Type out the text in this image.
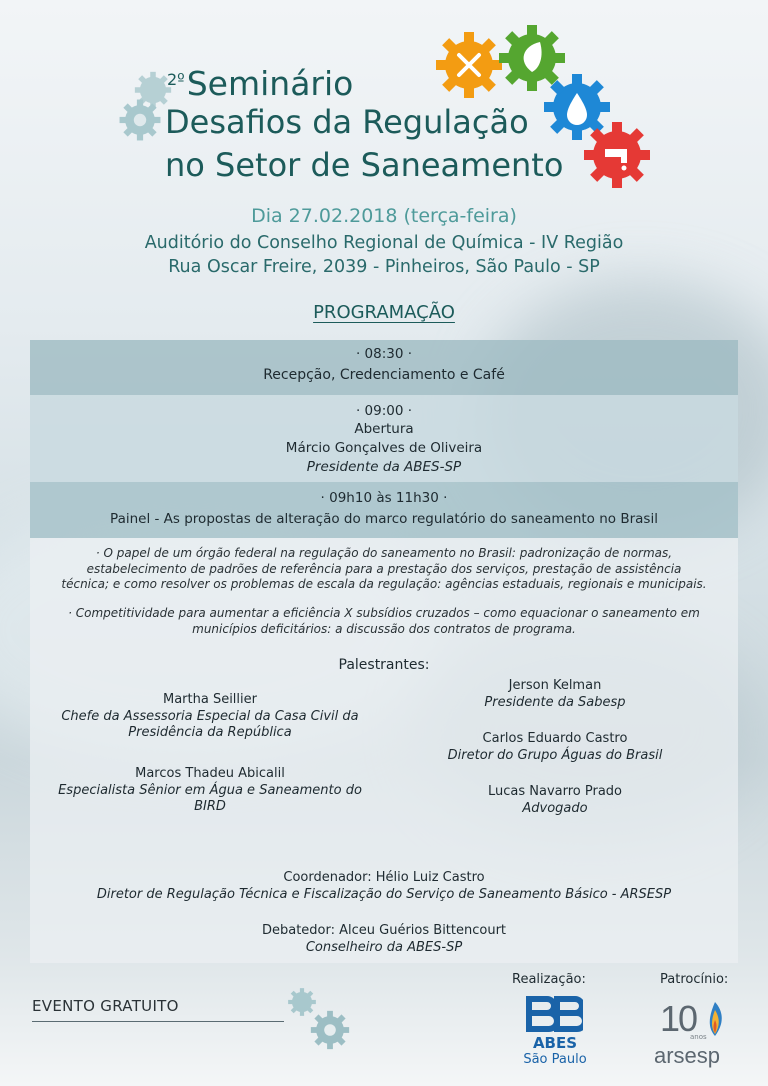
$^{2º}$Seminário
Desafios da Regulação
no Setor de Saneamento
Dia 27.02.2018 (terça-feira)
Auditório do Conselho Regional de Química - IV Região
Rua Oscar Freire, 2039 - Pinheiros, São Paulo - SP
PROGRAMAÇÃO
· 08:30 ·
Recepção, Credenciamento e Café
· 09:00 ·
Abertura
Márcio Gonçalves de Oliveira
Presidente da ABES-SP
· 09h10 às 11h30 ·
Painel - As propostas de alteração do marco regulatório do saneamento no Brasil
· O papel de um órgão federal na regulação do saneamento no Brasil: padronização de normas,
estabelecimento de padrões de referência para a prestação dos serviços, prestação de assistência
técnica; e como resolver os problemas de escala da regulação: agências estaduais, regionais e municipais.
· Competitividade para aumentar a eficiência X subsídios cruzados – como equacionar o saneamento em
municípios deficitários: a discussão dos contratos de programa.
Palestrantes:
Martha Seillier
Chefe da Assessoria Especial da Casa Civil da
Presidência da República
Marcos Thadeu Abicalil
Especialista Sênior em Água e Saneamento do
BIRD
Jerson Kelman
Presidente da Sabesp
Carlos Eduardo Castro
Diretor do Grupo Águas do Brasil
Lucas Navarro Prado
Advogado
Coordenador: Hélio Luiz Castro
Diretor de Regulação Técnica e Fiscalização do Serviço de Saneamento Básico - ARSESP
Debatedor: Alceu Guérios Bittencourt
Conselheiro da ABES-SP
EVENTO GRATUITO
Realização:
ABES
São Paulo
Patrocínio:
10
anos
arsesp
